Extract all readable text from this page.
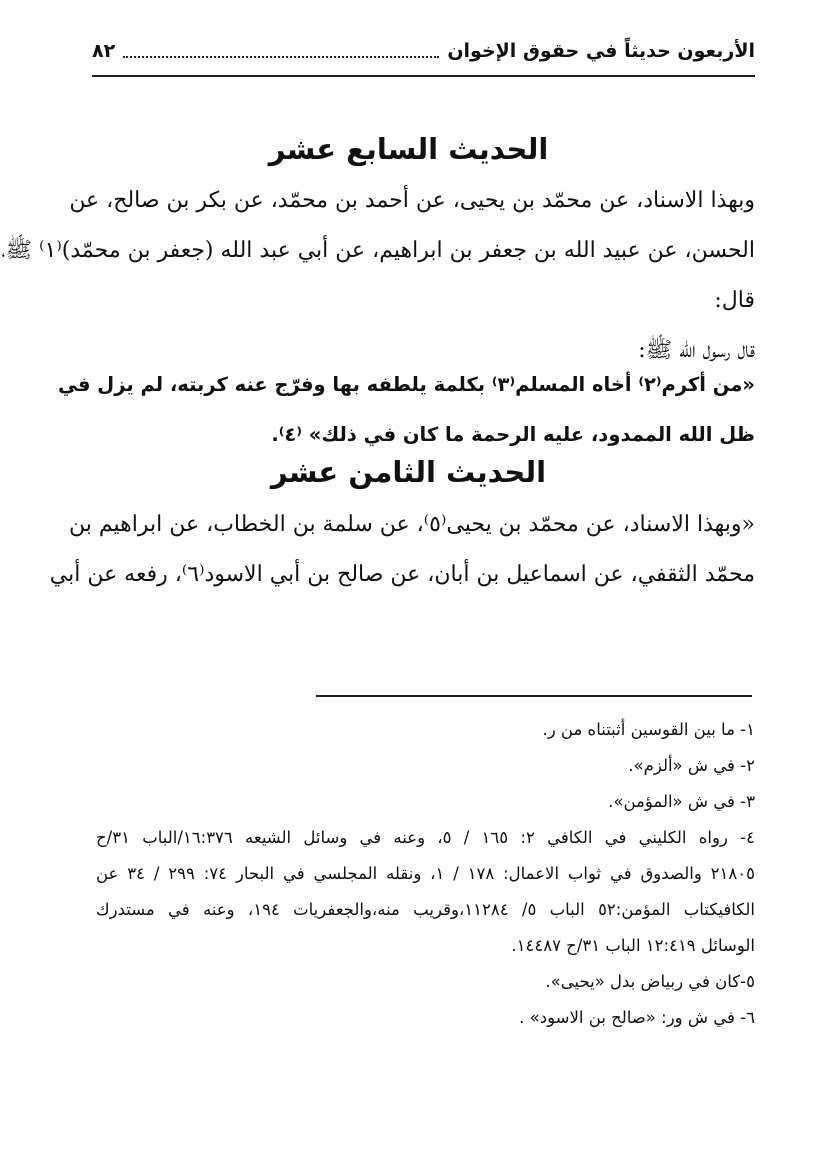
الأربعون حديثاً في حقوق الإخوان
٨٢
الحديث السابع عشر
وبهذا الاسناد، عن محمّد بن يحيى، عن أحمد بن محمّد، عن بكر بن صالح، عن
الحسن، عن عبيد الله بن جعفر بن ابراهيم، عن أبي عبد الله (جعفر بن محمّد)⁽١⁾ ﷺ،
قال:
قال رسول الله ﷺ:
«من أكرم⁽٢⁾ أخاه المسلم⁽٣⁾ بكلمة يلطفه بها وفرّج عنه كربته، لم يزل في
ظل الله الممدود، عليه الرحمة ما كان في ذلك» ⁽٤⁾.
الحديث الثامن عشر
«وبهذا الاسناد، عن محمّد بن يحيى⁽٥⁾، عن سلمة بن الخطاب، عن ابراهيم بن
محمّد الثقفي، عن اسماعيل بن أبان، عن صالح بن أبي الاسود⁽٦⁾، رفعه عن أبي
١- ما بين القوسين أثبتناه من ر.
٢- في ش «ألزم».
٣- في ش «المؤمن».
٤- رواه الكليني في الكافي ٢: ١٦٥ / ٥، وعنه في وسائل الشيعه ١٦:٣٧٦/الباب ٣١/ح
٢١٨٠٥ والصدوق في ثواب الاعمال: ١٧٨ / ١، ونقله المجلسي في البحار ٧٤: ٢٩٩ / ٣٤ عن
الكافيكتاب المؤمن:٥٢ الباب ٥/ ١١٢٨٤،وقريب منه،والجعفريات ١٩٤، وعنه في مستدرك
الوسائل ١٢:٤١٩ الباب ٣١/ح ١٤٤٨٧.
٥-كان في ربياض بدل «يحيى».
٦- في ش ور: «صالح بن الاسود» .
